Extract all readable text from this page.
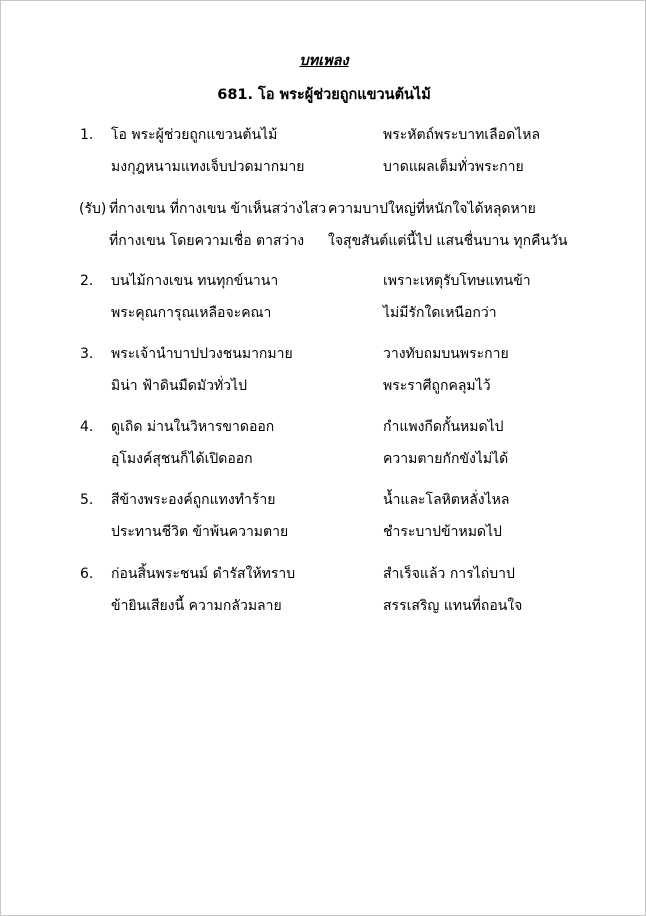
บทเพลง
681. โอ พระผู้ช่วยถูกแขวนต้นไม้
1. โอ พระผู้ช่วยถูกแขวนต้นไม้	พระหัตถ์พระบาทเลือดไหล
มงกุฎหนามแทงเจ็บปวดมากมาย	บาดแผลเต็มทั่วพระกาย
(รับ) ที่กางเขน ที่กางเขน ข้าเห็นสว่างไสว ความบาปใหญ่ที่หนักใจได้หลุดหาย
ที่กางเขน โดยความเชื่อ ตาสว่าง ใจสุขสันต์แต่นี้ไป แสนชื่นบาน ทุกคืนวัน
2. บนไม้กางเขน ทนทุกข์นานา	เพราะเหตุรับโทษแทนข้า
พระคุณการุณเหลือจะคณา	ไม่มีรักใดเหนือกว่า
3. พระเจ้านำบาปปวงชนมากมาย	วางทับถมบนพระกาย
มิน่า ฟ้าดินมืดมัวทั่วไป	พระราศีถูกคลุมไว้
4. ดูเถิด ม่านในวิหารขาดออก	กำแพงกีดกั้นหมดไป
อุโมงค์สุชนก็ได้เปิดออก	ความตายกักขังไม่ได้
5. สีข้างพระองค์ถูกแทงทำร้าย	น้ำและโลหิตหลั่งไหล
ประทานชีวิต ข้าพ้นความตาย	ชำระบาปข้าหมดไป
6. ก่อนสิ้นพระชนม์ ดำรัสให้ทราบ	สำเร็จแล้ว การไถ่บาป
ข้ายินเสียงนี้ ความกลัวมลาย	สรรเสริญ แทนที่ถอนใจ
